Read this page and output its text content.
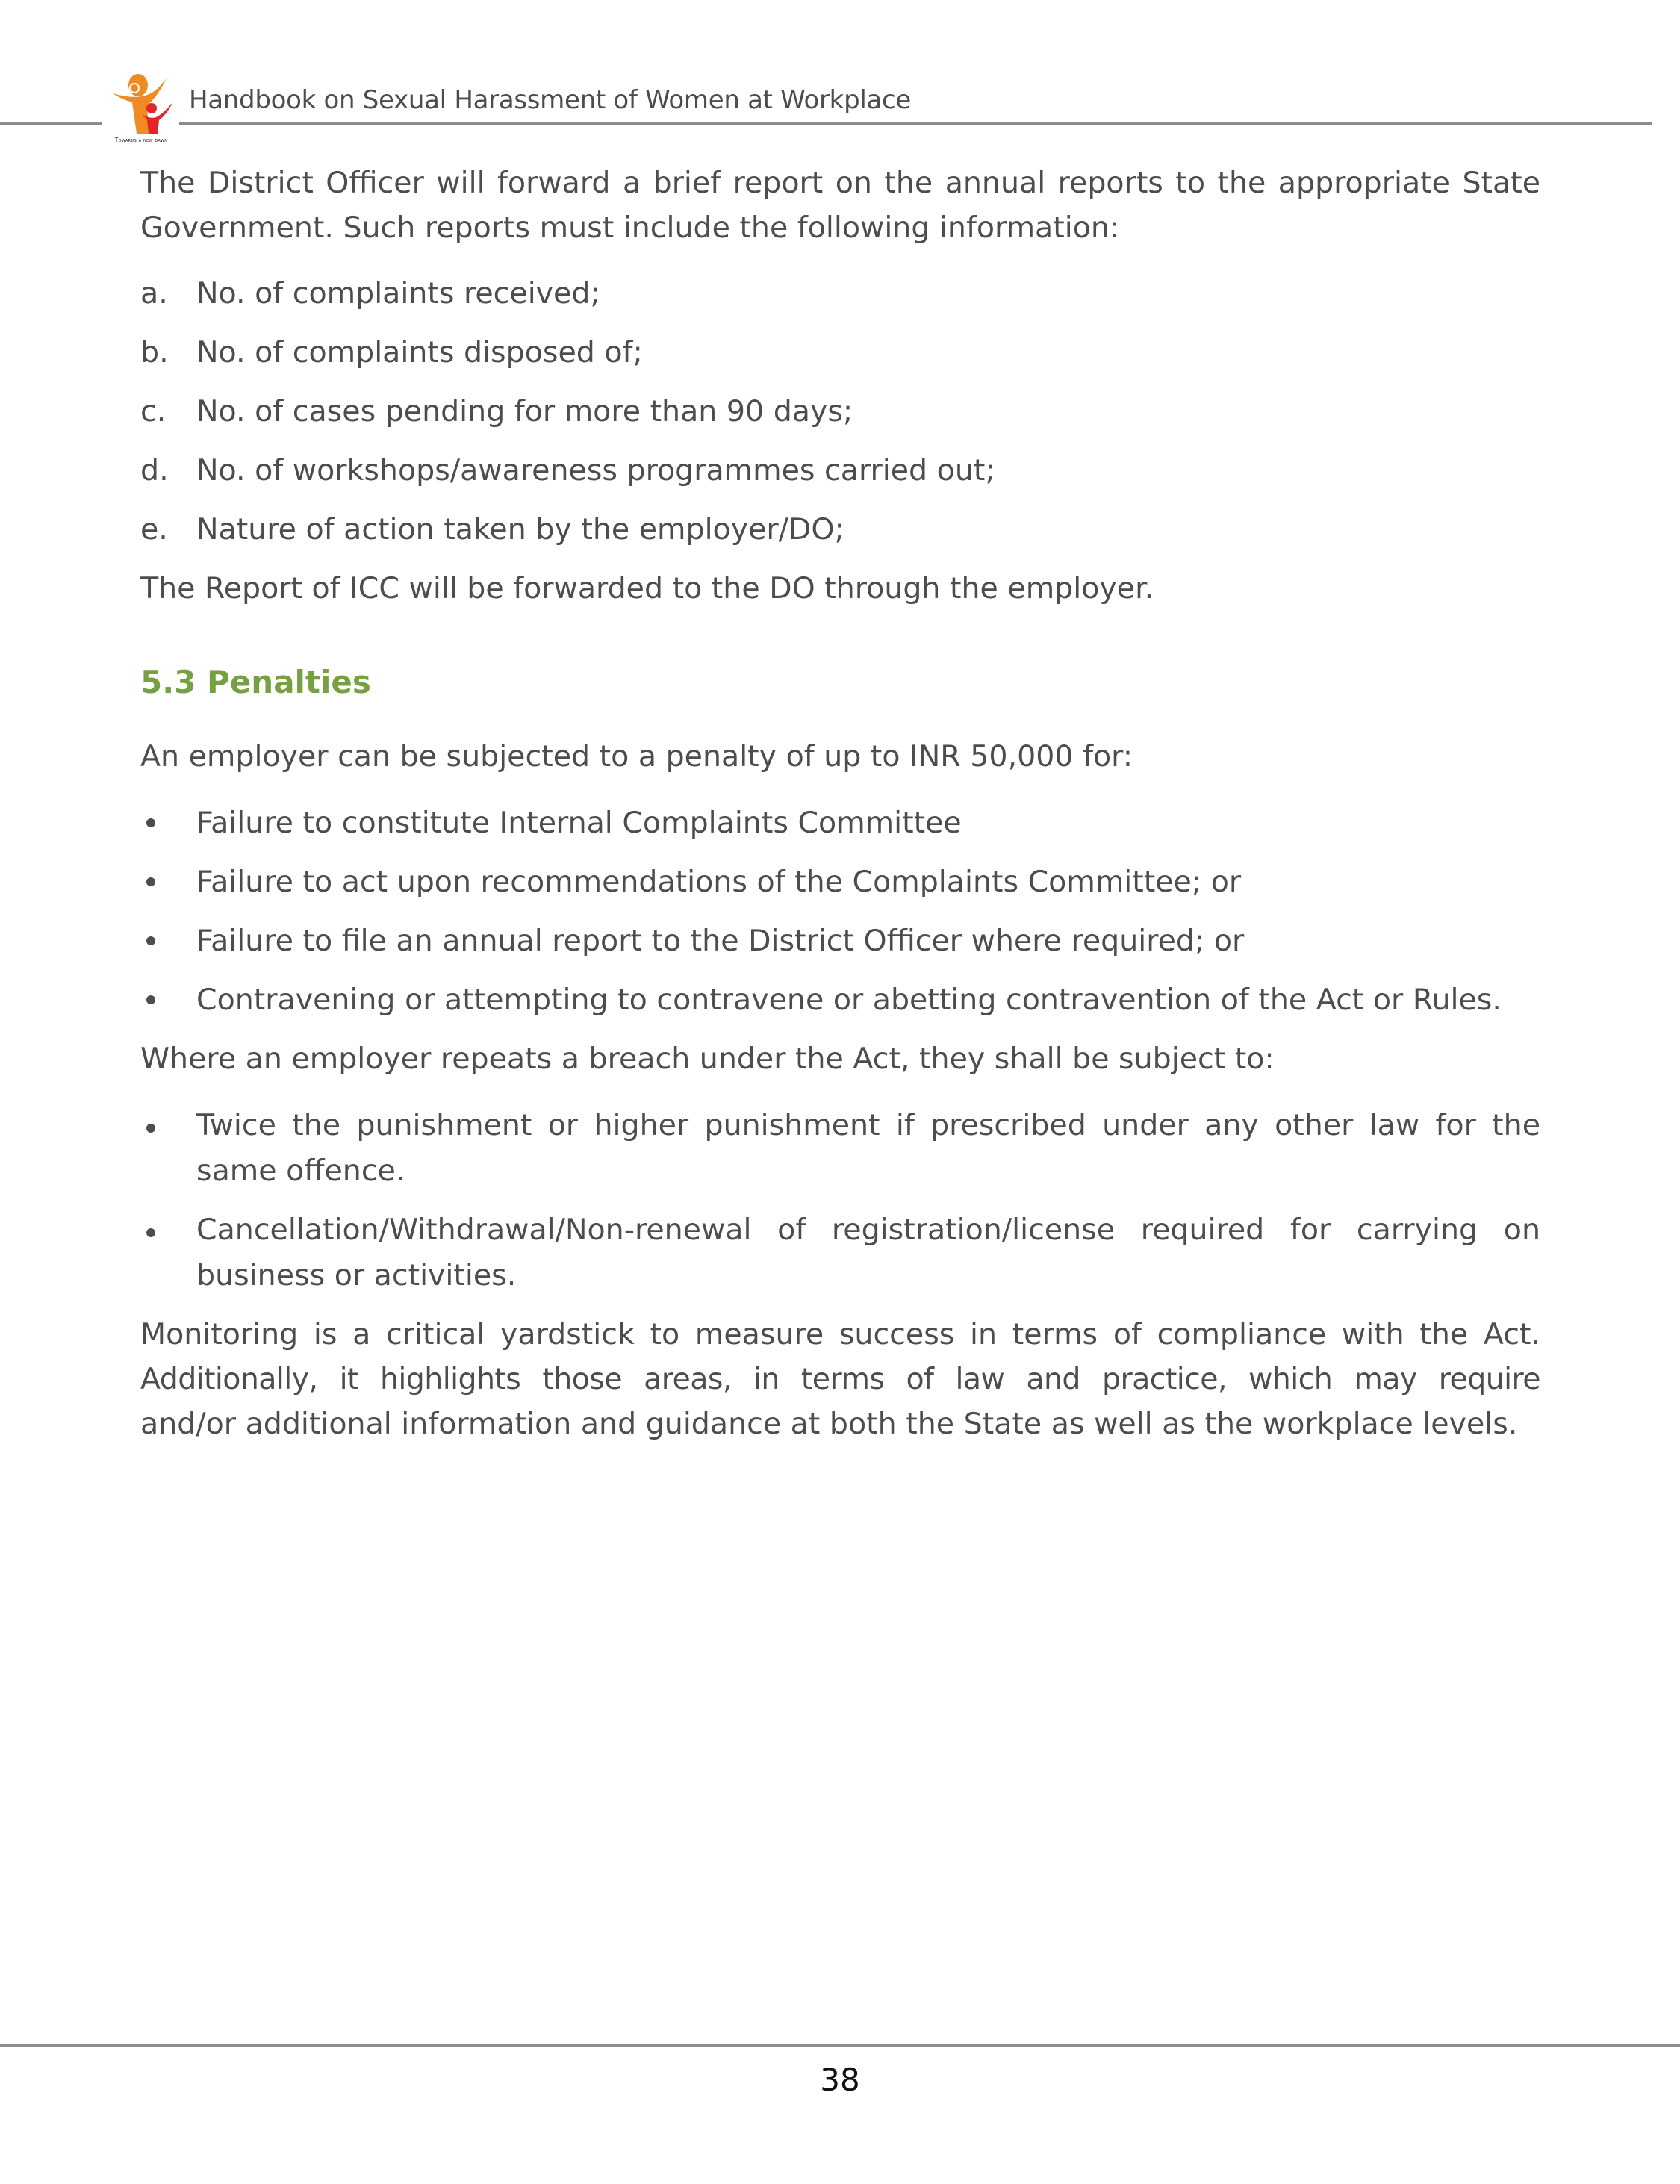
Towards a new dawn
Handbook on Sexual Harassment of Women at Workplace
The District Officer will forward a brief report on the annual reports to the appropriate State
Government. Such reports must include the following information:
a. No. of complaints received;
b. No. of complaints disposed of;
c. No. of cases pending for more than 90 days;
d. No. of workshops/awareness programmes carried out;
e. Nature of action taken by the employer/DO;
The Report of ICC will be forwarded to the DO through the employer.
An employer can be subjected to a penalty of up to INR 50,000 for:
Failure to constitute Internal Complaints Committee
Failure to act upon recommendations of the Complaints Committee; or
Failure to file an annual report to the District Officer where required; or
Contravening or attempting to contravene or abetting contravention of the Act or Rules.
Where an employer repeats a breach under the Act, they shall be subject to:
Twice the punishment or higher punishment if prescribed under any other law for the same offence.
Cancellation/Withdrawal/Non-renewal of registration/license required for carrying on business or activities.
Monitoring is a critical yardstick to measure success in terms of compliance with the Act.
Additionally, it highlights those areas, in terms of law and practice, which may require
and/or additional information and guidance at both the State as well as the workplace levels.
5.3 Penalties
38
